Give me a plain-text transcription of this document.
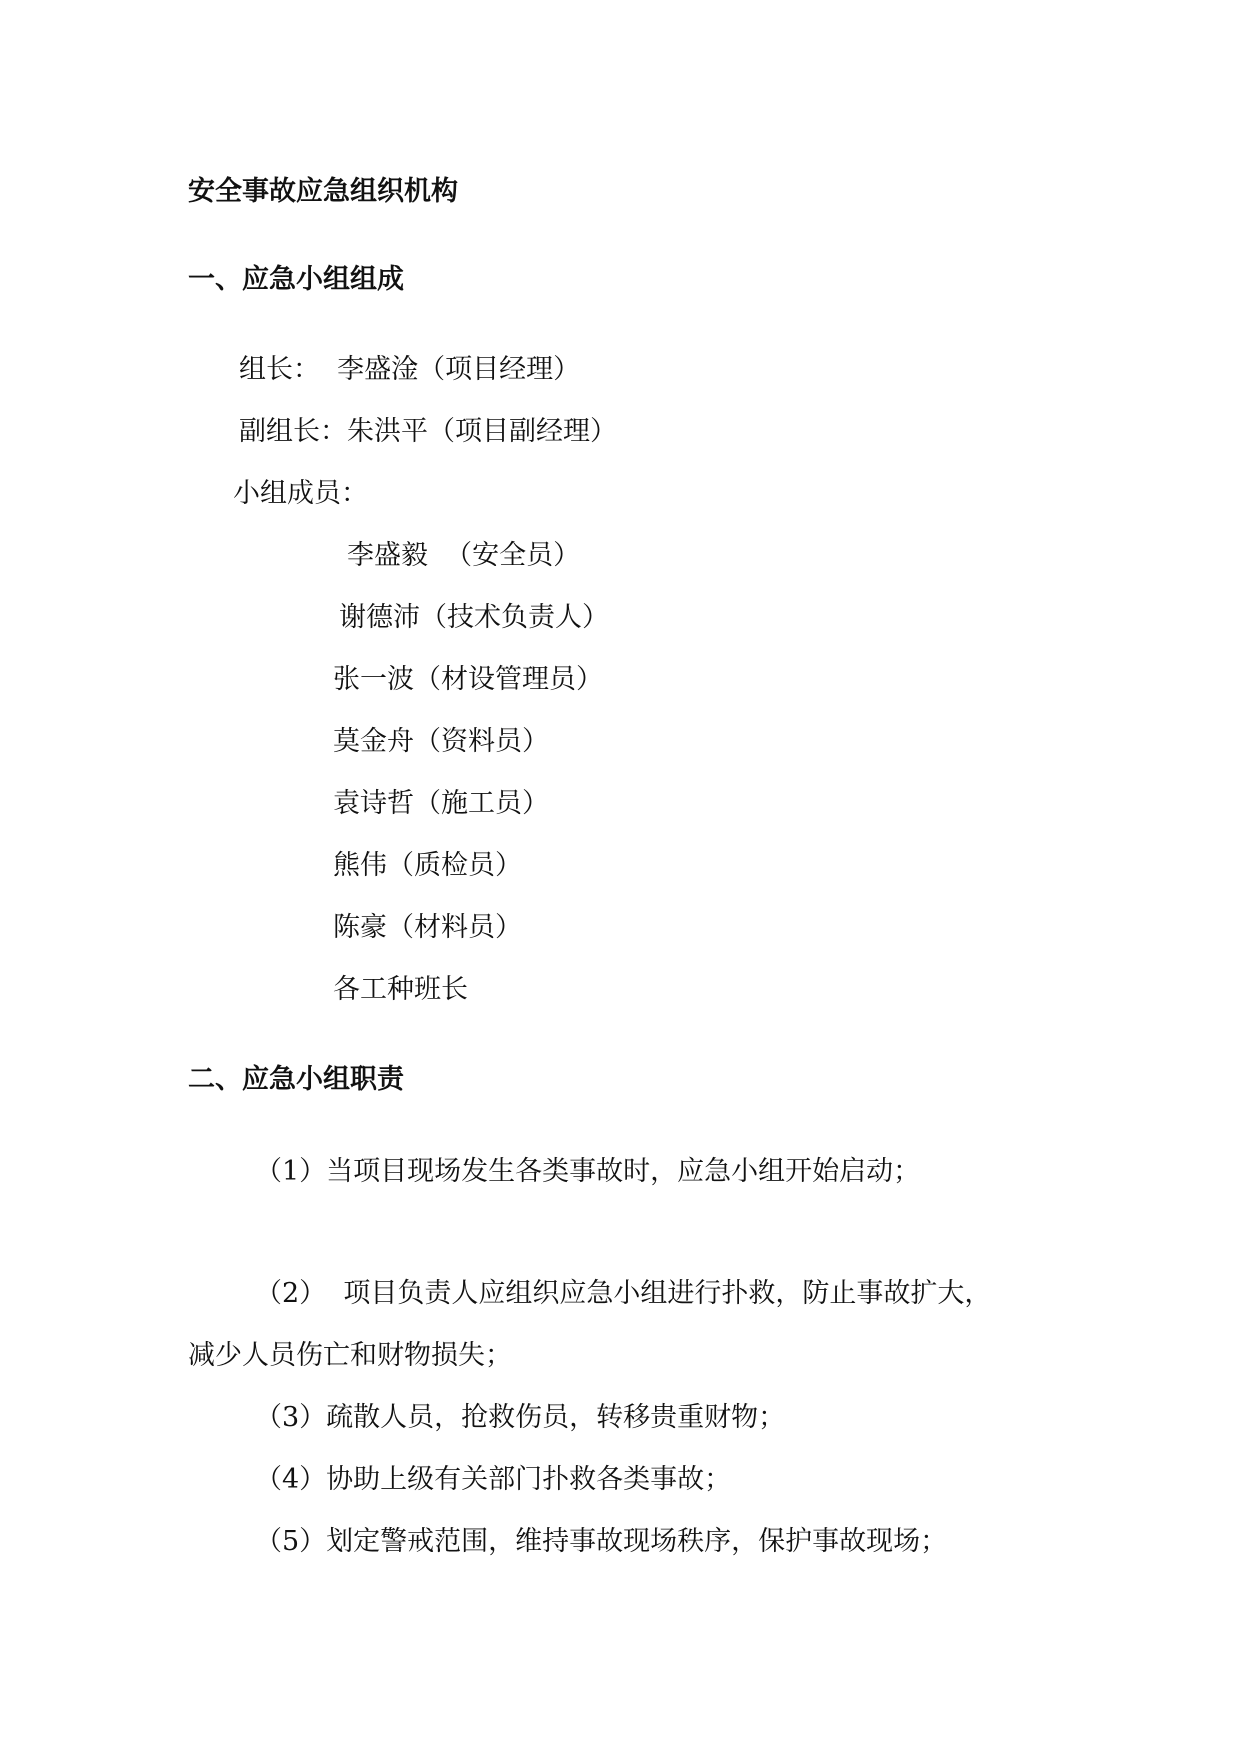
安全事故应急组织机构
一、应急小组组成
组长：  李盛淦（项目经理）
副组长：朱洪平（项目副经理）
小组成员：
李盛毅  （安全员）
谢德沛（技术负责人）
张一波（材设管理员）
莫金舟（资料员）
袁诗哲（施工员）
熊伟（质检员）
陈豪（材料员）
各工种班长
二、应急小组职责
（1）当项目现场发生各类事故时，应急小组开始启动；
（2）  项目负责人应组织应急小组进行扑救，防止事故扩大，
减少人员伤亡和财物损失；
（3）疏散人员，抢救伤员，转移贵重财物；
（4）协助上级有关部门扑救各类事故；
（5）划定警戒范围，维持事故现场秩序，保护事故现场；
